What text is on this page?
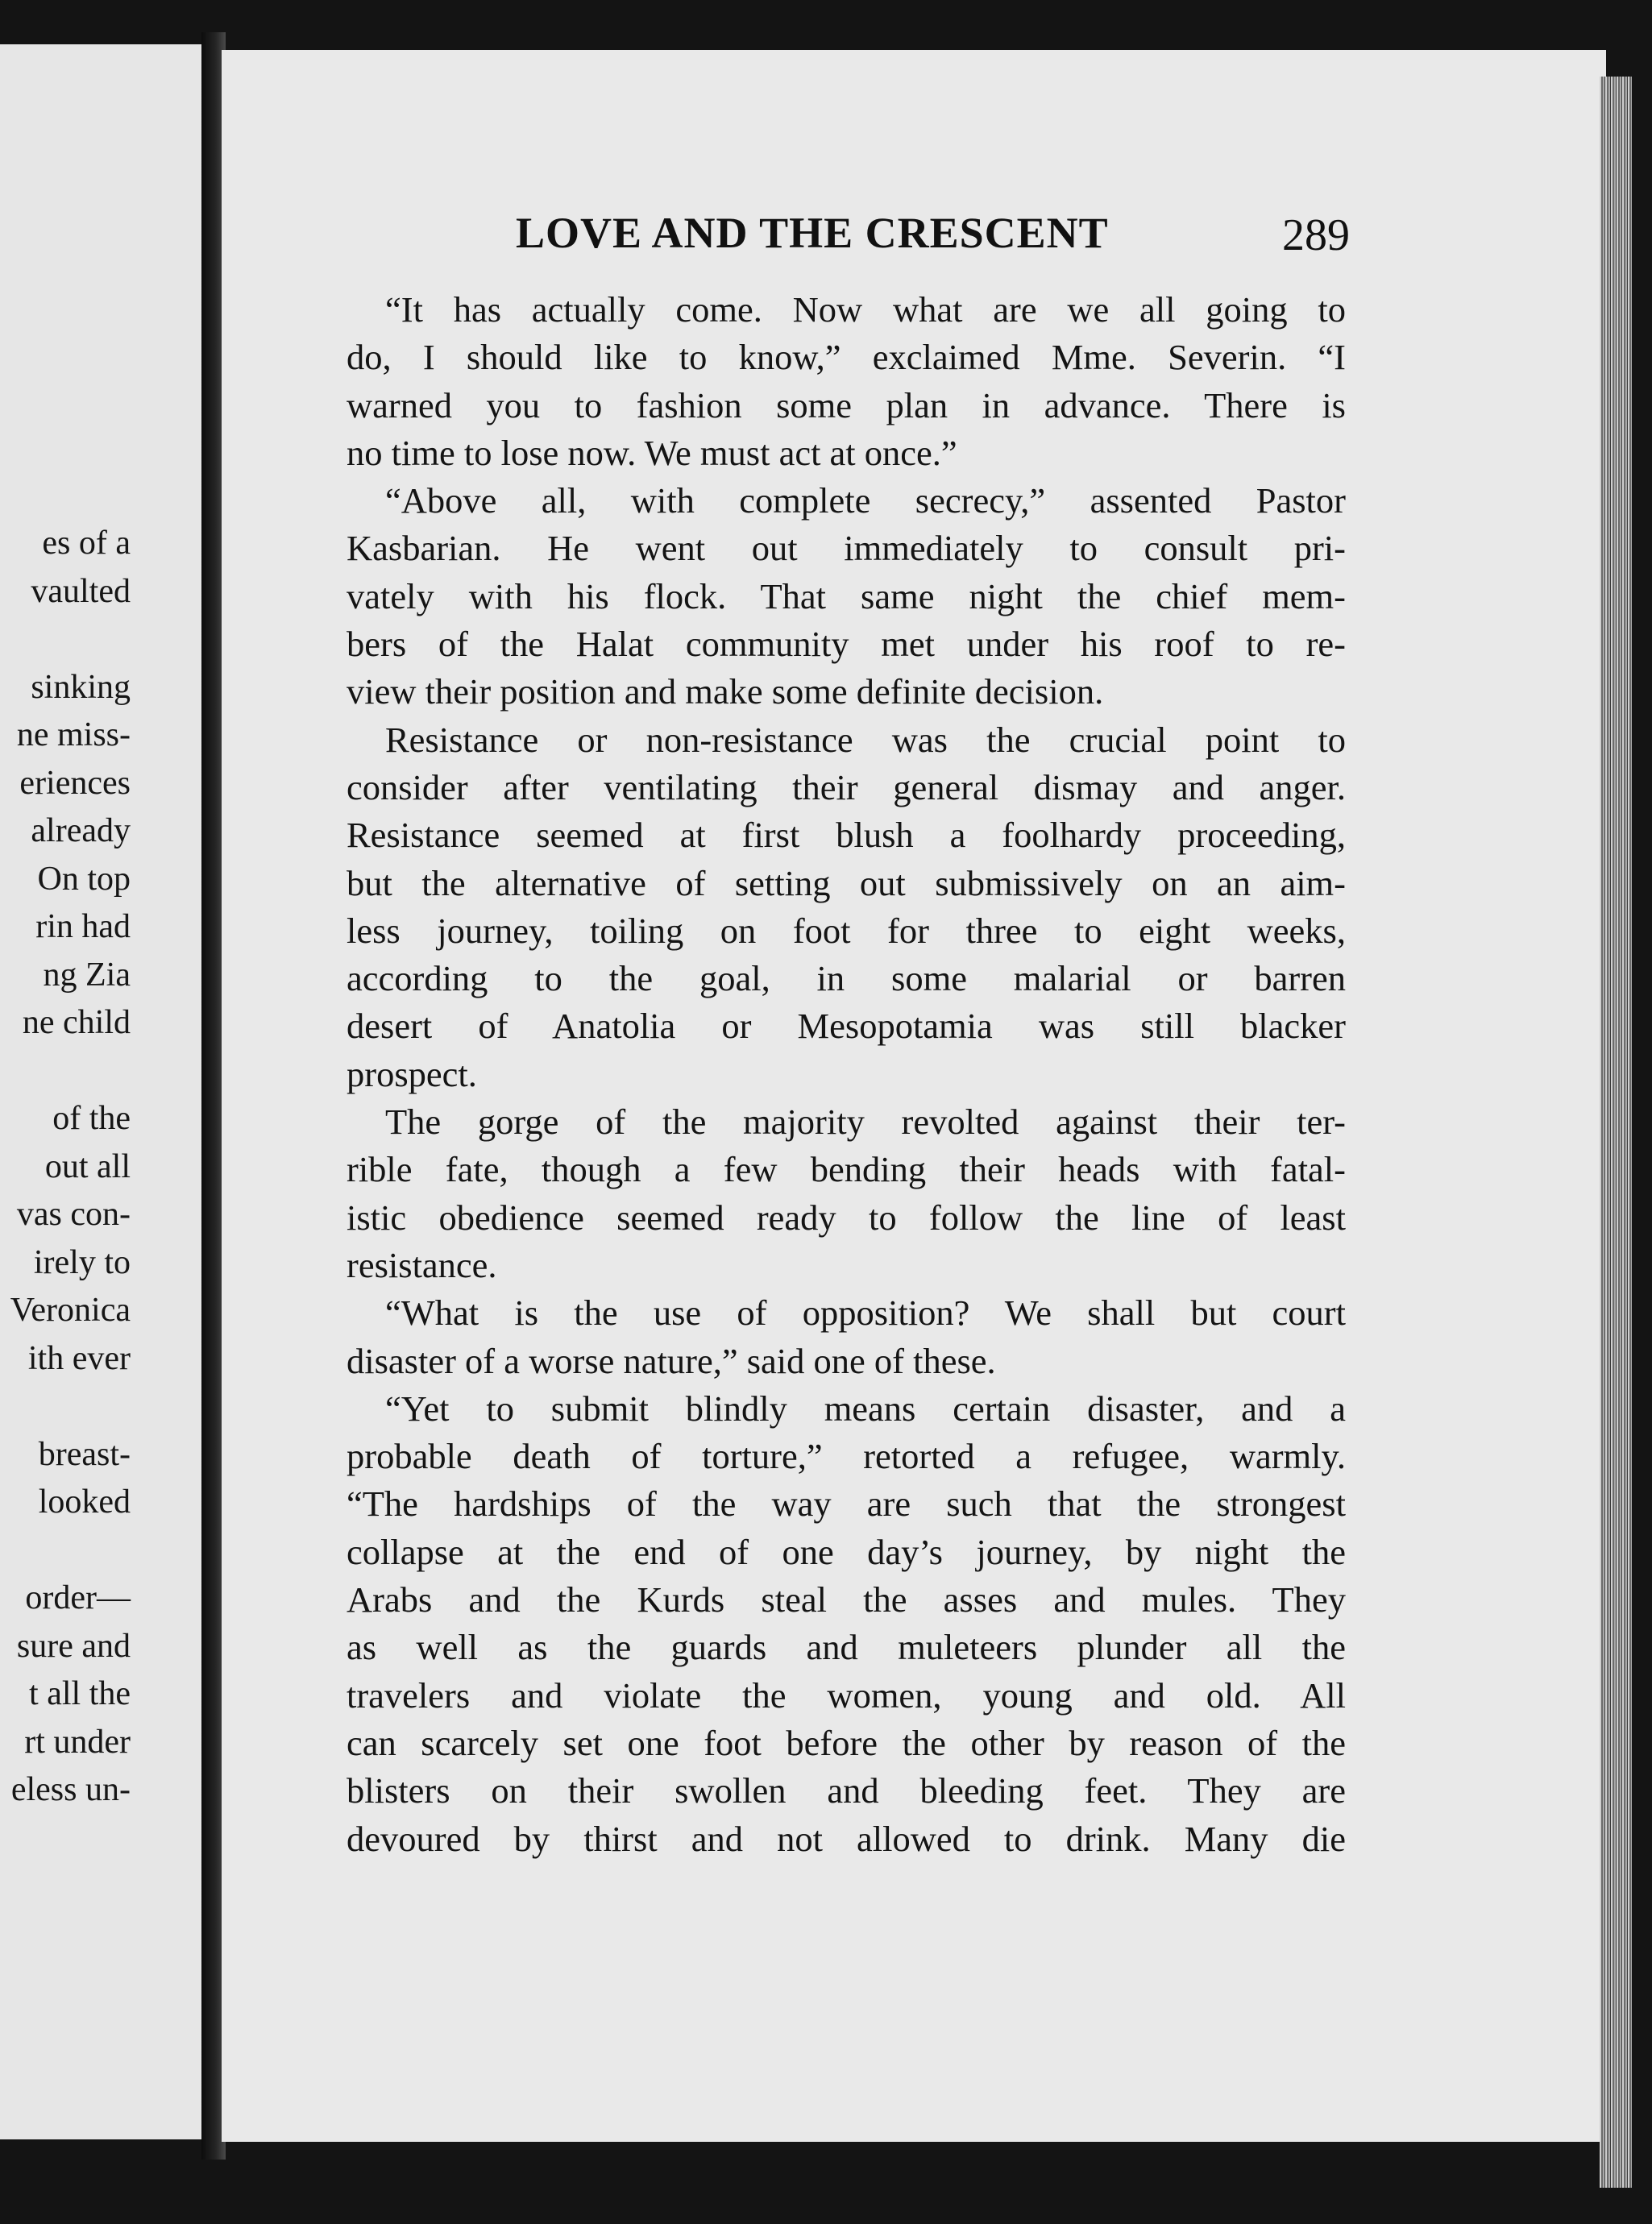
es of a
vaulted
sinking
ne miss-
eriences
already
On top
rin had
ng Zia
ne child
of the
out all
vas con-
irely to
Veronica
ith ever
breast-
looked
order—
sure and
t all the
rt under
eless un-
LOVE AND THE CRESCENT	289
“It has actually come. Now what are we all going to
do, I should like to know,” exclaimed Mme. Severin. “I
warned you to fashion some plan in advance. There is
no time to lose now. We must act at once.”
“Above all, with complete secrecy,” assented Pastor
Kasbarian. He went out immediately to consult pri-
vately with his flock. That same night the chief mem-
bers of the Halat community met under his roof to re-
view their position and make some definite decision.
Resistance or non-resistance was the crucial point to
consider after ventilating their general dismay and anger.
Resistance seemed at first blush a foolhardy proceeding,
but the alternative of setting out submissively on an aim-
less journey, toiling on foot for three to eight weeks,
according to the goal, in some malarial or barren
desert of Anatolia or Mesopotamia was still blacker
prospect.
The gorge of the majority revolted against their ter-
rible fate, though a few bending their heads with fatal-
istic obedience seemed ready to follow the line of least
resistance.
“What is the use of opposition? We shall but court
disaster of a worse nature,” said one of these.
“Yet to submit blindly means certain disaster, and a
probable death of torture,” retorted a refugee, warmly.
“The hardships of the way are such that the strongest
collapse at the end of one day’s journey, by night the
Arabs and the Kurds steal the asses and mules. They
as well as the guards and muleteers plunder all the
travelers and violate the women, young and old. All
can scarcely set one foot before the other by reason of the
blisters on their swollen and bleeding feet. They are
devoured by thirst and not allowed to drink. Many die
